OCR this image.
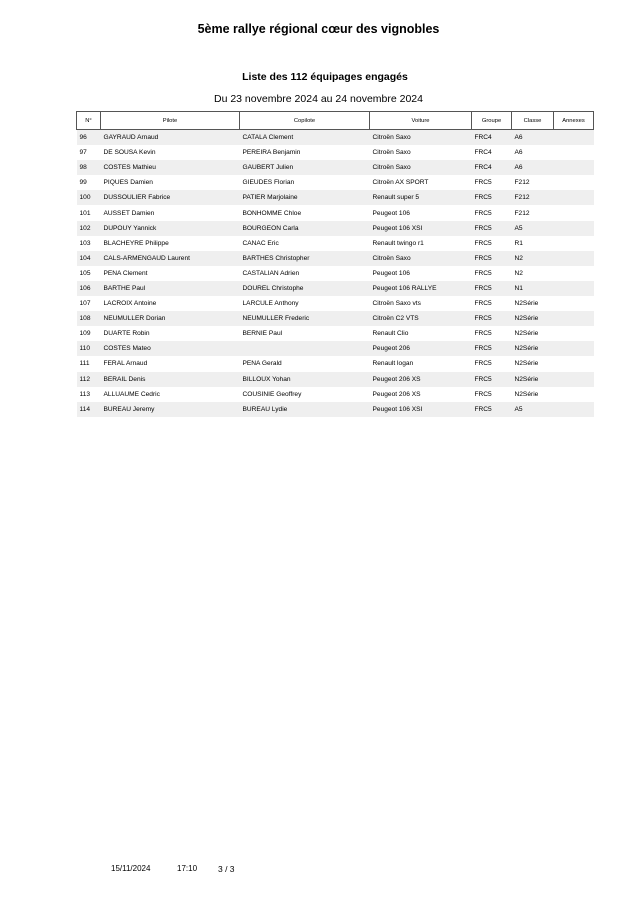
5ème rallye régional cœur des vignobles
Liste des 112 équipages engagés
Du 23 novembre 2024 au 24 novembre 2024
N°	Pilote	Copilote	Voiture	Groupe	Classe	Annexes
96	GAYRAUD Arnaud	CATALA Clement	Citroën Saxo	FRC4	A6	
97	DE SOUSA Kevin	PEREIRA Benjamin	Citroën Saxo	FRC4	A6	
98	COSTES Mathieu	GAUBERT Julien	Citroën Saxo	FRC4	A6	
99	PIQUES Damien	GIEUDES Florian	Citroën AX SPORT	FRC5	F212	
100	DUSSOULIER Fabrice	PATIER Marjolaine	Renault super 5	FRC5	F212	
101	AUSSET Damien	BONHOMME Chloe	Peugeot 106	FRC5	F212	
102	DUPOUY Yannick	BOURGEON Carla	Peugeot 106 XSI	FRC5	A5	
103	BLACHEYRE Philippe	CANAC Eric	Renault twingo r1	FRC5	R1	
104	CALS-ARMENGAUD Laurent	BARTHES Christopher	Citroën Saxo	FRC5	N2	
105	PENA Clement	CASTALIAN Adrien	Peugeot 106	FRC5	N2	
106	BARTHE Paul	DOUREL Christophe	Peugeot 106 RALLYE	FRC5	N1	
107	LACROIX Antoine	LARCULE Anthony	Citroën Saxo vts	FRC5	N2Série	
108	NEUMULLER Dorian	NEUMULLER Frederic	Citroën C2 VTS	FRC5	N2Série	
109	DUARTE Robin	BERNIE Paul	Renault Clio	FRC5	N2Série	
110	COSTES Mateo		Peugeot 206	FRC5	N2Série	
111	FERAL Arnaud	PENA Gerald	Renault logan	FRC5	N2Série	
112	BERAIL Denis	BILLOUX Yohan	Peugeot 206 XS	FRC5	N2Série	
113	ALLUAUME Cedric	COUSINIE Geoffrey	Peugeot 206 XS	FRC5	N2Série	
114	BUREAU Jeremy	BUREAU Lydie	Peugeot 106 XSI	FRC5	A5	
15/11/2024	17:10 3 / 3
